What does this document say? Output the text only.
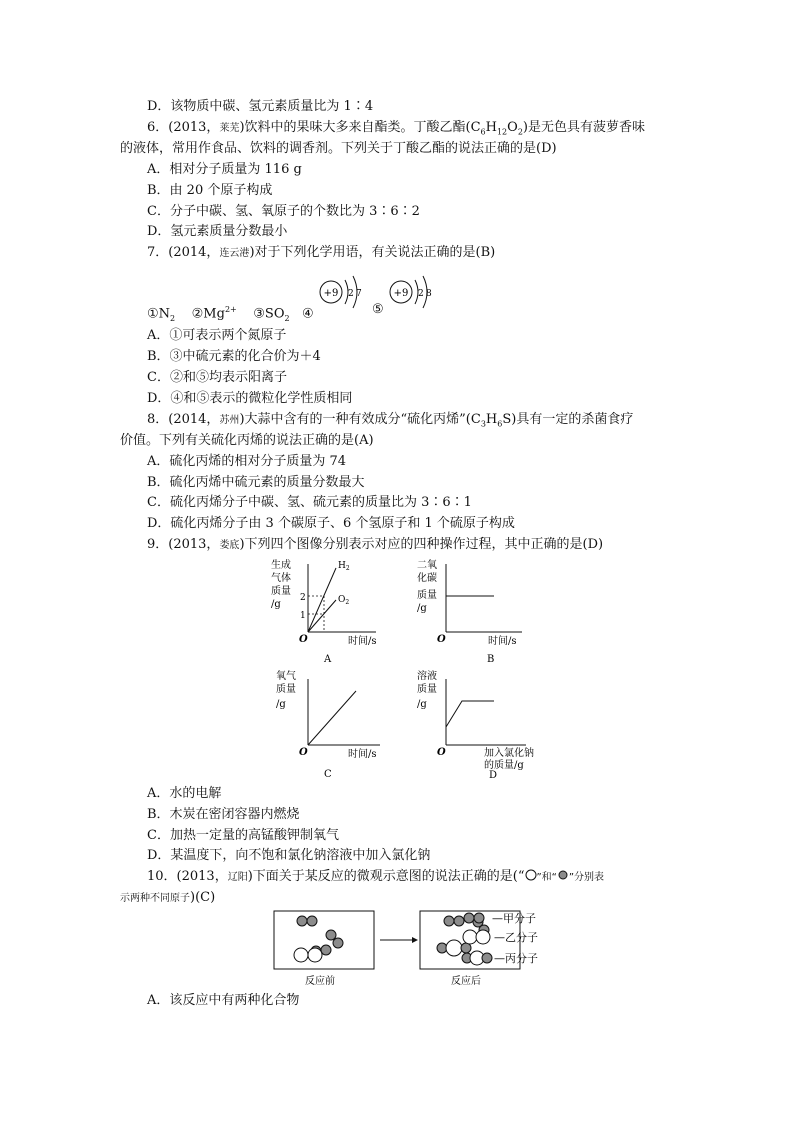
D．该物质中碳、氢元素质量比为 1∶4
6．(2013，莱芜)饮料中的果味大多来自酯类。丁酸乙酯$(C_6H_{12}O_2)$是无色具有菠萝香味
的液体，常用作食品、饮料的调香剂。下列关于丁酸乙酯的说法正确的是(D)
A．相对分子质量为 116 g
B．由 20 个原子构成
C．分子中碳、氢、氧原子的个数比为 3∶6∶2
D．氢元素质量分数最小
7．(2014，连云港)对于下列化学用语，有关说法正确的是(B)
$①N_2$ $②Mg^{2+}$ $③SO_2$ ④	⑤
+9 2 7	+9 2 8
A．①可表示两个氮原子
B．③中硫元素的化合价为＋4
C．②和⑤均表示阳离子
D．④和⑤表示的微粒化学性质相同
8．(2014，苏州)大蒜中含有的一种有效成分“硫化丙烯$”(C_3H_6S)$具有一定的杀菌食疗
价值。下列有关硫化丙烯的说法正确的是(A)
A．硫化丙烯的相对分子质量为 74
B．硫化丙烯中硫元素的质量分数最大
C．硫化丙烯分子中碳、氢、硫元素的质量比为 3∶6∶1
D．硫化丙烯分子由 3 个碳原子、6 个氢原子和 1 个硫原子构成
9．(2013，娄底)下列四个图像分别表示对应的四种操作过程，其中正确的是(D)
生成
气体
质量
/g
O	时间/s
2
1
$H_2$
$O_2$
A
二氧
化碳
质量
/g
O	时间/s
B
氧气
质量
/g
O	时间/s
C
溶液
质量
/g
O	加入氯化钠
的质量/g
D
A．水的电解
B．木炭在密闭容器内燃烧
C．加热一定量的高锰酸钾制氧气
D．某温度下，向不饱和氯化钠溶液中加入氯化钠
10．(2013，辽阳)下面关于某反应的微观示意图的说法正确的是(“ ”和“ ”分别表
示两种不同原子)(C)
反应前	反应后
—甲分子
—乙分子
—丙分子
A．该反应中有两种化合物
